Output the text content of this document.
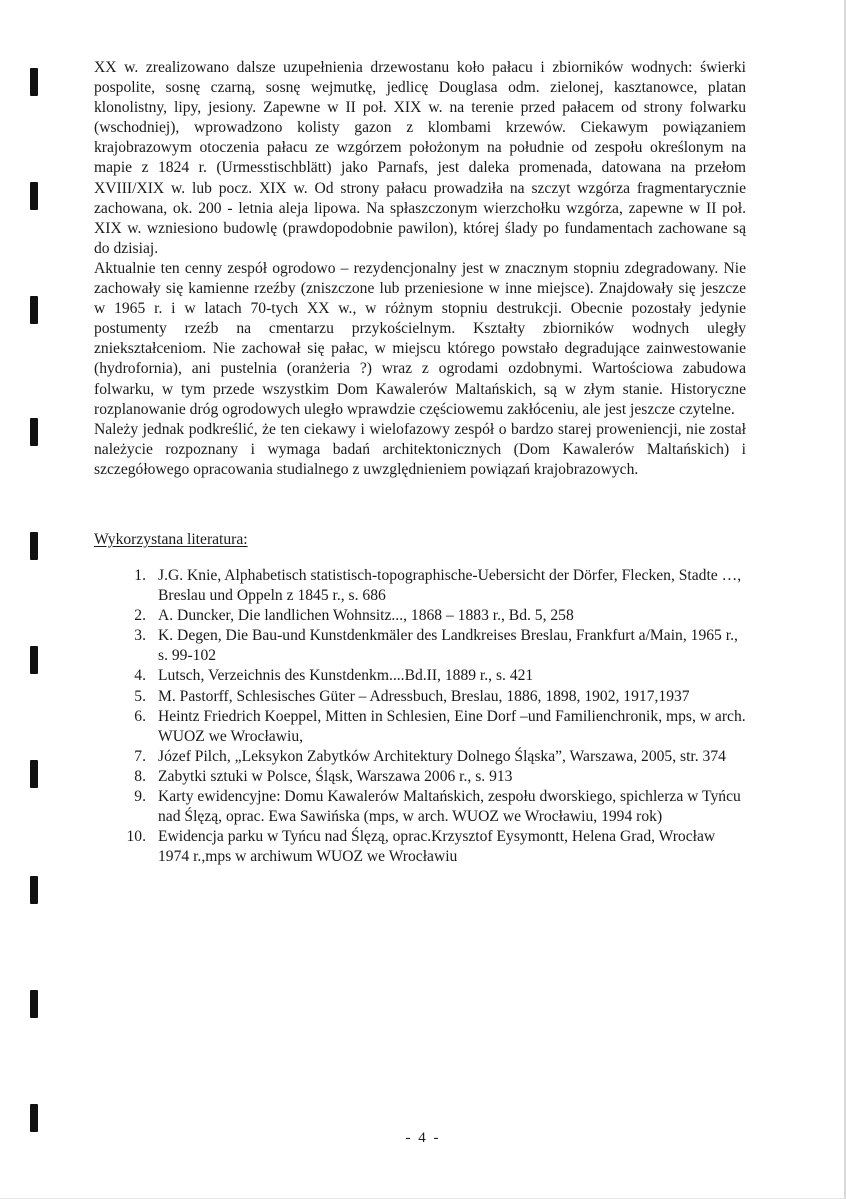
XX w. zrealizowano dalsze uzupełnienia drzewostanu koło pałacu i zbiorników wodnych: świerki pospolite, sosnę czarną, sosnę wejmutkę, jedlicę Douglasa odm. zielonej, kasztanowce, platan klonolistny, lipy, jesiony. Zapewne w II poł. XIX w. na terenie przed pałacem od strony folwarku (wschodniej), wprowadzono kolisty gazon z klombami krzewów. Ciekawym powiązaniem krajobrazowym otoczenia pałacu ze wzgórzem położonym na południe od zespołu określonym na mapie z 1824 r. (Urmesstischblätt) jako Parnafs, jest daleka promenada, datowana na przełom XVIII/XIX w. lub pocz. XIX w. Od strony pałacu prowadziła na szczyt wzgórza fragmentarycznie zachowana, ok. 200 - letnia aleja lipowa. Na spłaszczonym wierzchołku wzgórza, zapewne w II poł. XIX w. wzniesiono budowlę (prawdopodobnie pawilon), której ślady po fundamentach zachowane są do dzisiaj.

Aktualnie ten cenny zespół ogrodowo – rezydencjonalny jest w znacznym stopniu zdegradowany. Nie zachowały się kamienne rzeźby (zniszczone lub przeniesione w inne miejsce). Znajdowały się jeszcze w 1965 r. i w latach 70-tych XX w., w różnym stopniu destrukcji. Obecnie pozostały jedynie postumenty rzeźb na cmentarzu przykościelnym. Kształty zbiorników wodnych uległy zniekształceniom. Nie zachował się pałac, w miejscu którego powstało degradujące zainwestowanie (hydrofornia), ani pustelnia (oranżeria ?) wraz z ogrodami ozdobnymi. Wartościowa zabudowa folwarku, w tym przede wszystkim Dom Kawalerów Maltańskich, są w złym stanie. Historyczne rozplanowanie dróg ogrodowych uległo wprawdzie częściowemu zakłóceniu, ale jest jeszcze czytelne.

Należy jednak podkreślić, że ten ciekawy i wielofazowy zespół o bardzo starej proweniencji, nie został należycie rozpoznany i wymaga badań architektonicznych (Dom Kawalerów Maltańskich) i szczegółowego opracowania studialnego z uwzględnieniem powiązań krajobrazowych.

Wykorzystana literatura:

1. J.G. Knie, Alphabetisch statistisch-topographische-Uebersicht der Dörfer, Flecken, Stadte …, Breslau und Oppeln z 1845 r., s. 686
2. A. Duncker, Die landlichen Wohnsitz..., 1868 – 1883 r., Bd. 5, 258
3. K. Degen, Die Bau-und Kunstdenkmäler des Landkreises Breslau, Frankfurt a/Main, 1965 r., s. 99-102
4. Lutsch, Verzeichnis des Kunstdenkm....Bd.II, 1889 r., s. 421
5. M. Pastorff, Schlesisches Güter – Adressbuch, Breslau, 1886, 1898, 1902, 1917,1937
6. Heintz Friedrich Koeppel, Mitten in Schlesien, Eine Dorf –und Familienchronik, mps, w arch. WUOZ we Wrocławiu,
7. Józef Pilch, „Leksykon Zabytków Architektury Dolnego Śląska”, Warszawa, 2005, str. 374
8. Zabytki sztuki w Polsce, Śląsk, Warszawa 2006 r., s. 913
9. Karty ewidencyjne: Domu Kawalerów Maltańskich, zespołu dworskiego, spichlerza w Tyńcu nad Ślęzą, oprac. Ewa Sawińska (mps, w arch. WUOZ we Wrocławiu, 1994 rok)
10. Ewidencja parku w Tyńcu nad Ślęzą, oprac.Krzysztof Eysymontt, Helena Grad, Wrocław 1974 r.,mps w archiwum WUOZ we Wrocławiu

- 4 -
